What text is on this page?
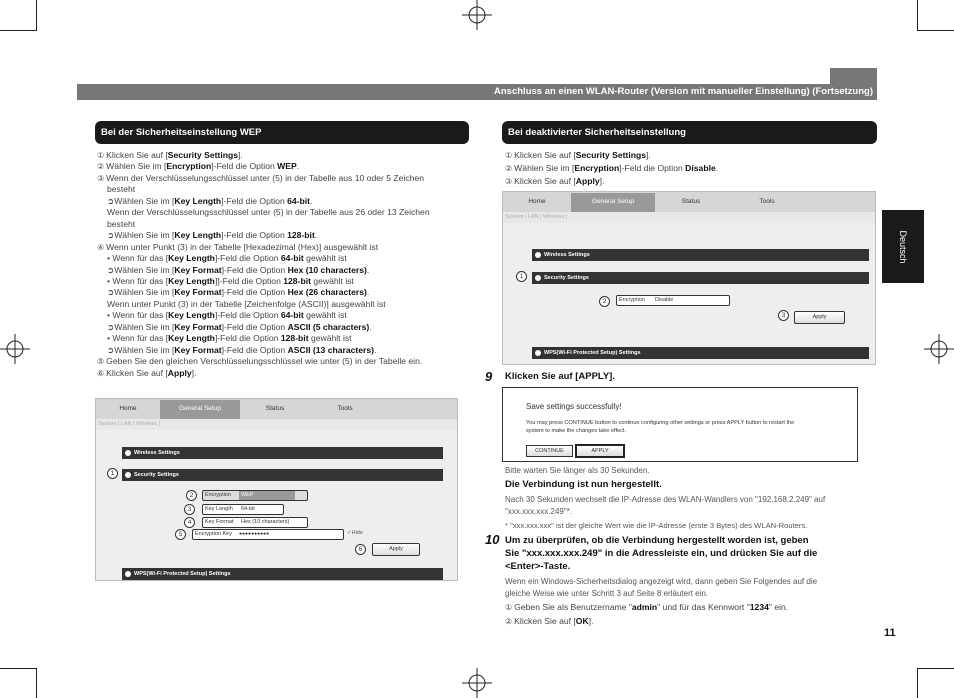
Anschluss an einen WLAN-Router (Version mit manueller Einstellung) (Fortsetzung)
Deutsch
Bei der Sicherheitseinstellung WEP
① Klicken Sie auf [Security Settings].
② Wählen Sie im [Encryption]-Feld die Option WEP.
③ Wenn der Verschlüsselungsschlüssel unter (5) in der Tabelle aus 10 oder 5 Zeichen
besteht
➲Wählen Sie im [Key Length]-Feld die Option 64-bit.
Wenn der Verschlüsselungsschlüssel unter (5) in der Tabelle aus 26 oder 13 Zeichen
besteht
➲Wählen Sie im [Key Length]-Feld die Option 128-bit.
④ Wenn unter Punkt (3) in der Tabelle [Hexadezimal (Hex)] ausgewählt ist
• Wenn für das [Key Length]-Feld die Option 64-bit gewählt ist
➲Wählen Sie im [Key Format]-Feld die Option Hex (10 characters).
• Wenn für das [Key Length]]-Feld die Option 128-bit gewählt ist
➲Wählen Sie im [Key Format]-Feld die Option Hex (26 characters).
Wenn unter Punkt (3) in der Tabelle [Zeichenfolge (ASCII)] ausgewählt ist
• Wenn für das [Key Length]-Feld die Option 64-bit gewählt ist
➲Wählen Sie im [Key Format]-Feld die Option ASCII (5 characters).
• Wenn für das [Key Length]-Feld die Option 128-bit gewählt ist
➲Wählen Sie im [Key Format]-Feld die Option ASCII (13 characters).
⑤ Geben Sie den gleichen Verschlüsselungsschlüssel wie unter (5) in der Tabelle ein.
⑥ Klicken Sie auf [Apply].
Home	General Setup	Status	Tools
System | LAN | Wireless |
Wireless Settings
Security Settings
1
Encryption	WEP
Key Length	64-bit
Key Format	Hex (10 characters)
Encryption Key	●●●●●●●●●●	✓Hide
Apply
2
3
4
5
6
WPS(Wi-Fi Protected Setup) Settings
Bei deaktivierter Sicherheitseinstellung
① Klicken Sie auf [Security Settings].
② Wählen Sie im [Encryption]-Feld die Option Disable.
③ Klicken Sie auf [Apply].
Home	General Setup	Status	Tools
System | LAN | Wireless |
Wireless Settings
Security Settings
1
Encryption	Disable
2
Apply
3
WPS(Wi-Fi Protected Setup) Settings
9 Klicken Sie auf [APPLY].
Save settings successfully!
You may press CONTINUE button to continue configuring other settings or press APPLY button to restart the
system to make the changes take effect.
CONTINUE	APPLY
Bitte warten Sie länger als 30 Sekunden.
Die Verbindung ist nun hergestellt.
Nach 30 Sekunden wechselt die IP-Adresse des WLAN-Wandlers von "192.168.2.249" auf
"xxx.xxx.xxx.249"*.
* "xxx.xxx.xxx" ist der gleiche Wert wie die IP-Adresse (erste 3 Bytes) des WLAN-Routers.
10 Um zu überprüfen, ob die Verbindung hergestellt worden ist, geben
Sie "xxx.xxx.xxx.249" in die Adressleiste ein, und drücken Sie auf die
<Enter>-Taste.
Wenn ein Windows-Sicherheitsdialog angezeigt wird, dann geben Sie Folgendes auf die
gleiche Weise wie unter Schritt 3 auf Seite 8 erläutert ein.
① Geben Sie als Benutzername "admin" und für das Kennwort "1234" ein.
② Klicken Sie auf [OK].
11
